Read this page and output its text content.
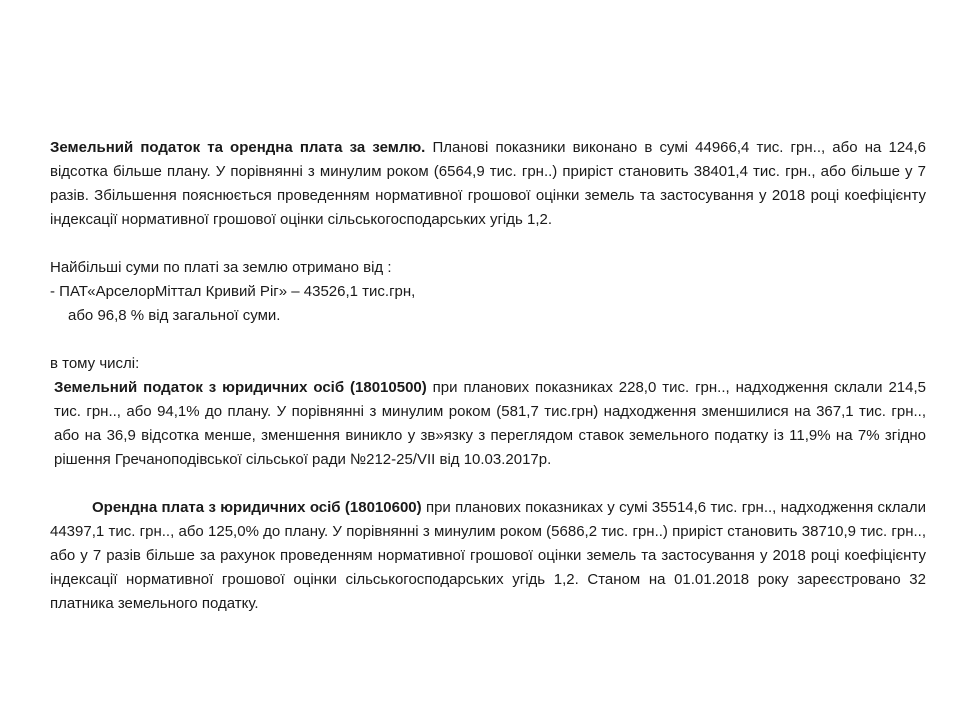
Земельний податок та орендна плата за землю. Планові показники виконано в сумі 44966,4 тис. грн.., або на 124,6 відсотка більше плану. У порівнянні з минулим роком (6564,9 тис. грн..) приріст становить 38401,4 тис. грн., або більше у 7 разів. Збільшення пояснюється проведенням нормативної грошової оцінки земель та застосування у 2018 році коефіцієнту індексації нормативної грошової оцінки сільськогосподарських угідь 1,2.

Найбільші суми по платі за землю отримано від :

- ПАТ«АрселорМіттал Кривий Ріг» – 43526,1 тис.грн,

або 96,8 % від загальної суми.

в тому числі:

Земельний податок з юридичних осіб (18010500) при планових показниках 228,0 тис. грн.., надходження склали 214,5 тис. грн.., або 94,1% до плану. У порівнянні з минулим роком (581,7 тис.грн) надходження зменшилися на 367,1 тис. грн.., або на 36,9 відсотка менше, зменшення виникло у зв»язку з переглядом ставок земельного податку із 11,9% на 7% згідно рішення Гречаноподівської сільської ради №212-25/VII від 10.03.2017р.

Орендна плата з юридичних осіб (18010600) при планових показниках у сумі 35514,6 тис. грн.., надходження склали 44397,1 тис. грн.., або 125,0% до плану. У порівнянні з минулим роком (5686,2 тис. грн..) приріст становить 38710,9 тис. грн.., або у 7 разів більше за рахунок проведенням нормативної грошової оцінки земель та застосування у 2018 році коефіцієнту індексації нормативної грошової оцінки сільськогосподарських угідь 1,2. Станом на 01.01.2018 року зареєстровано 32 платника земельного податку.
